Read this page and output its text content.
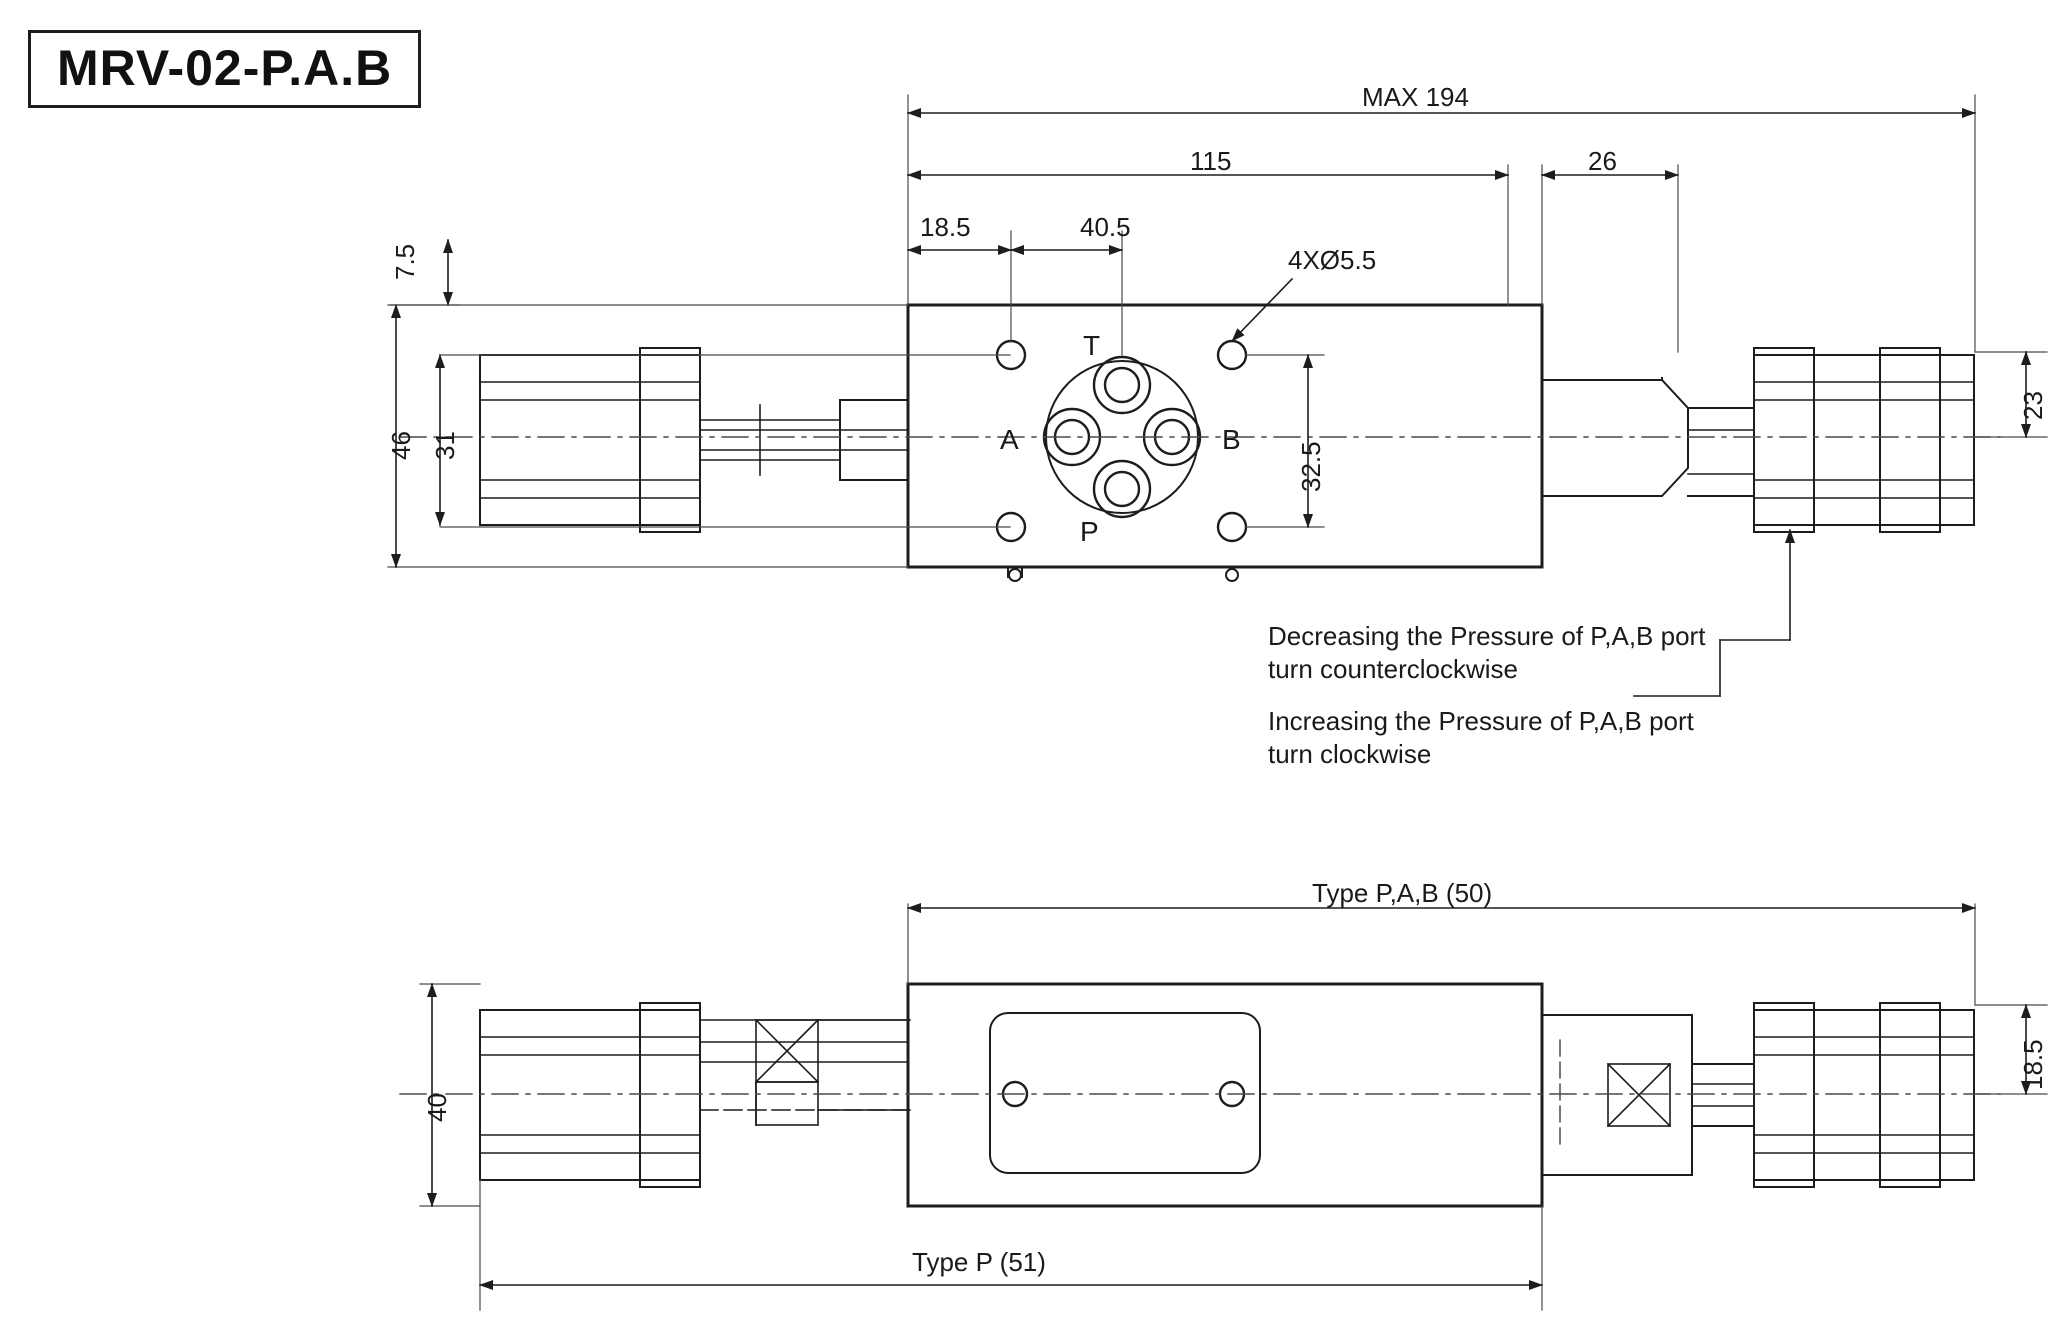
MRV-02-P.A.B
MAX 194
115	26
18.5	40.5
4XØ5.5
32.5
46 31
7.5
23
T
A	B
P
Decreasing the Pressure of P,A,B port
turn counterclockwise
Increasing the Pressure of P,A,B port
turn clockwise
Type P,A,B (50)
Type P (51)
40
18.5
